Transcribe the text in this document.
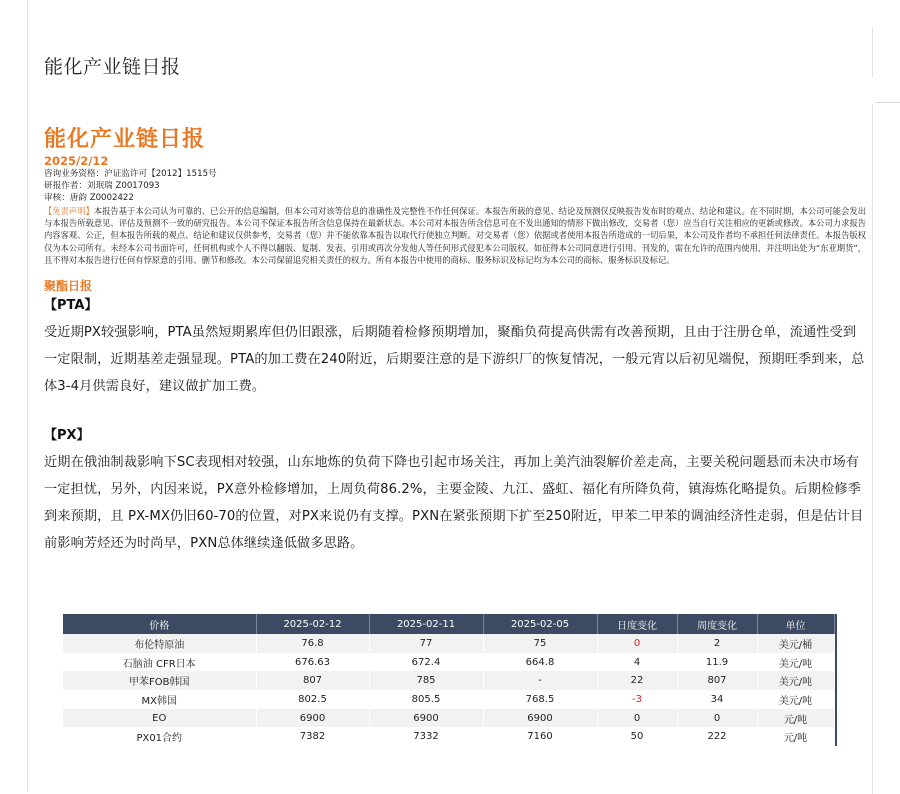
能化产业链日报
能化产业链日报
2025/2/12
咨询业务资格：沪证监许可【2012】1515号
研报作者：刘珉瑞 Z0017093
审核：唐韵 Z0002422
【免责声明】本报告基于本公司认为可靠的、已公开的信息编制，但本公司对该等信息的准确性及完整性不作任何保证。本报告所载的意见、结论及预测仅反映报告发布时的观点、结论和建议。在不同时期，本公司可能会发出与本报告所载意见、评估及预测不一致的研究报告。本公司不保证本报告所含信息保持在最新状态。本公司对本报告所含信息可在不发出通知的情形下做出修改，交易者（您）应当自行关注相应的更新或修改。本公司力求报告内容客观、公正，但本报告所载的观点、结论和建议仅供参考，交易者（您）并不能依靠本报告以取代行使独立判断。对交易者（您）依据或者使用本报告所造成的一切后果，本公司及作者均不承担任何法律责任。本报告版权仅为本公司所有。未经本公司书面许可，任何机构或个人不得以翻版、复制、发表、引用或再次分发他人等任何形式侵犯本公司版权。如征得本公司同意进行引用、刊发的，需在允许的范围内使用，并注明出处为“东亚期货”，且不得对本报告进行任何有悖原意的引用、删节和修改。本公司保留追究相关责任的权力。所有本报告中使用的商标、服务标识及标记均为本公司的商标、服务标识及标记。
聚酯日报
【PTA】
受近期PX较强影响，PTA虽然短期累库但仍旧跟涨，后期随着检修预期增加，聚酯负荷提高供需有改善预期，且由于注册仓单，流通性受到一定限制，近期基差走强显现。PTA的加工费在240附近，后期要注意的是下游织厂的恢复情况，一般元宵以后初见端倪，预期旺季到来，总体3-4月供需良好，建议做扩加工费。
【PX】
近期在俄油制裁影响下SC表现相对较强，山东地炼的负荷下降也引起市场关注，再加上美汽油裂解价差走高，主要关税问题悬而未决市场有一定担忧，另外，内因来说，PX意外检修增加，上周负荷86.2%，主要金陵、九江、盛虹、福化有所降负荷，镇海炼化略提负。后期检修季到来预期，且 PX-MX仍旧60-70的位置，对PX来说仍有支撑。PXN在紧张预期下扩至250附近，甲苯二甲苯的调油经济性走弱，但是估计目前影响芳烃还为时尚早，PXN总体继续逢低做多思路。
价格	2025-02-12	2025-02-11	2025-02-05	日度变化	周度变化	单位	
布伦特原油	76.8	77	75	0	2	美元/桶	
石脑油 CFR日本	676.63	672.4	664.8	4	11.9	美元/吨	
甲苯FOB韩国	807	785	-	22	807	美元/吨	
MX韩国	802.5	805.5	768.5	-3	34	美元/吨	
EO	6900	6900	6900	0	0	元/吨	
PX01合约	7382	7332	7160	50	222	元/吨	
